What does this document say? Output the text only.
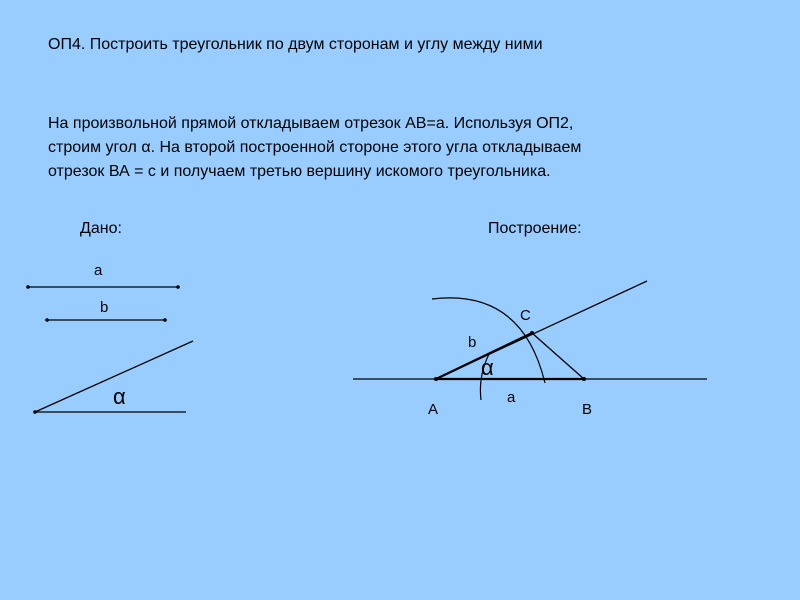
ОП4. Построить треугольник по двум сторонам и углу между ними
На произвольной прямой откладываем отрезок АВ=а. Используя ОП2,
строим угол α. На второй построенной стороне этого угла откладываем
отрезок ВА = с и получаем третью вершину искомого треугольника.
Дано:	Построение:
a
b
α
A	B
C
b
a
α
